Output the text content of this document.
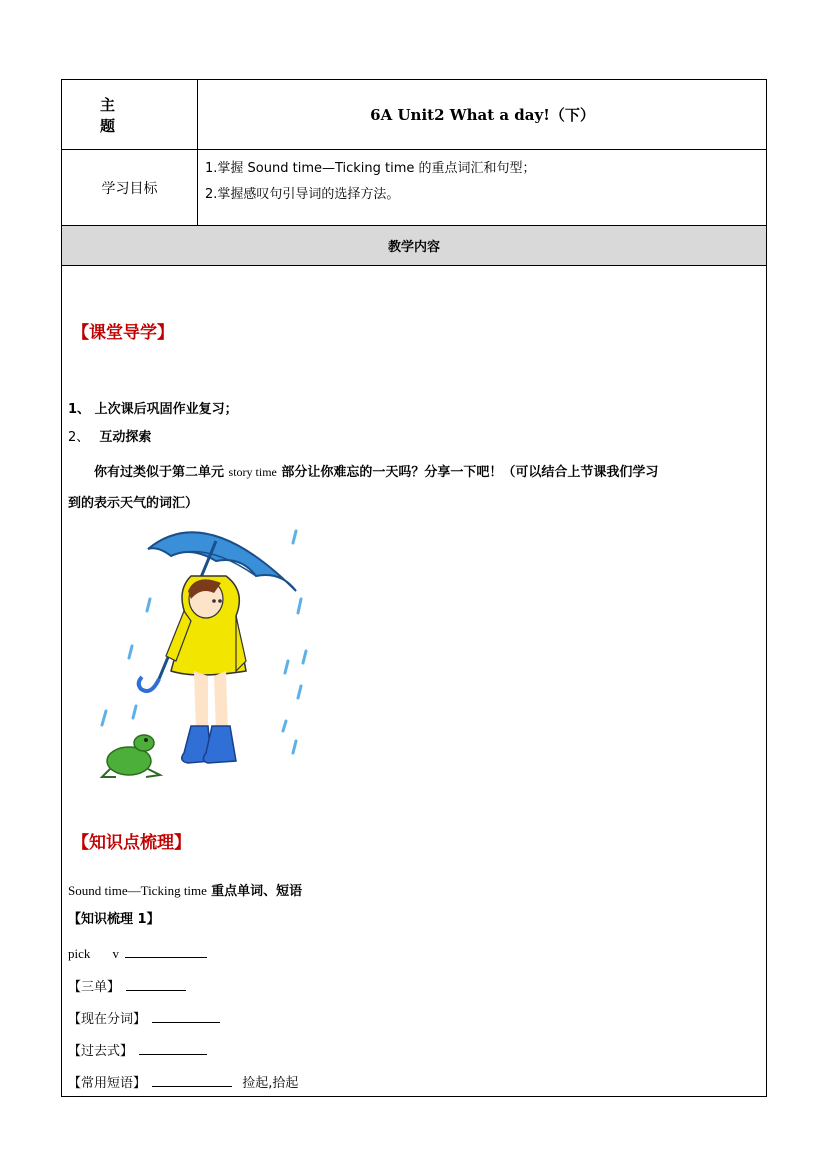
主题
6A Unit2 What a day!（下）
学习目标
1.掌握 Sound time—Ticking time 的重点词汇和句型；
2.掌握感叹句引导词的选择方法。
教学内容
【课堂导学】
1、 上次课后巩固作业复习；
2、 互动探索
你有过类似于第二单元 story time 部分让你难忘的一天吗？分享一下吧！（可以结合上节课我们学习
到的表示天气的词汇）
【知识点梳理】
Sound time—Ticking time 重点单词、短语
【知识梳理 1】
pick v
【三单】
【现在分词】
【过去式】
【常用短语】	捡起,拾起
